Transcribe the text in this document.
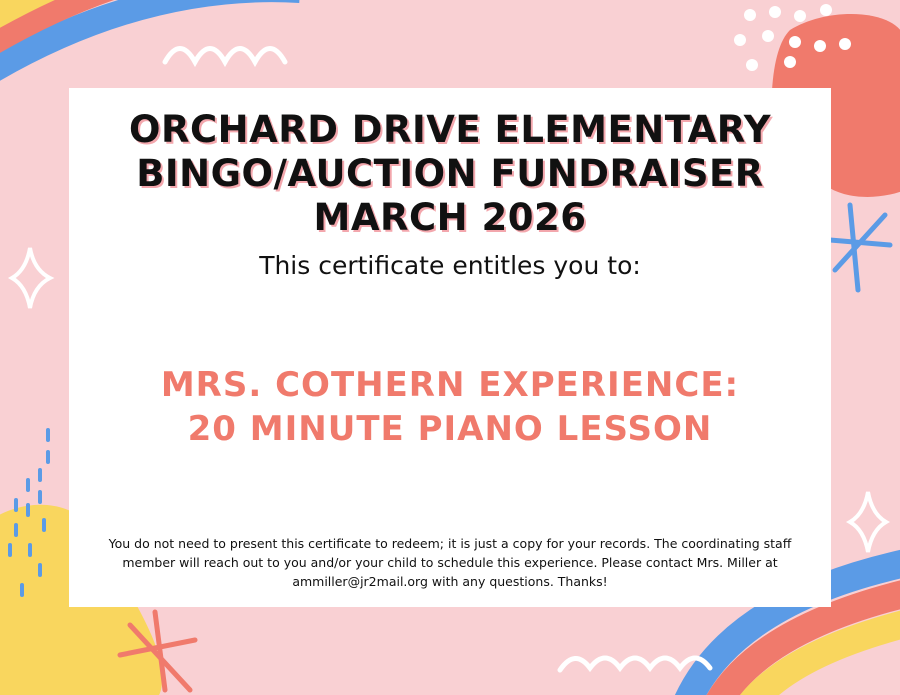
ORCHARD DRIVE ELEMENTARY
BINGO/AUCTION FUNDRAISER
MARCH 2026
This certificate entitles you to:
MRS. COTHERN EXPERIENCE:
20 MINUTE PIANO LESSON
You do not need to present this certificate to redeem; it is just a copy for your records. The coordinating staff member will reach out to you and/or your child to schedule this experience. Please contact Mrs. Miller at ammiller@jr2mail.org with any questions. Thanks!
